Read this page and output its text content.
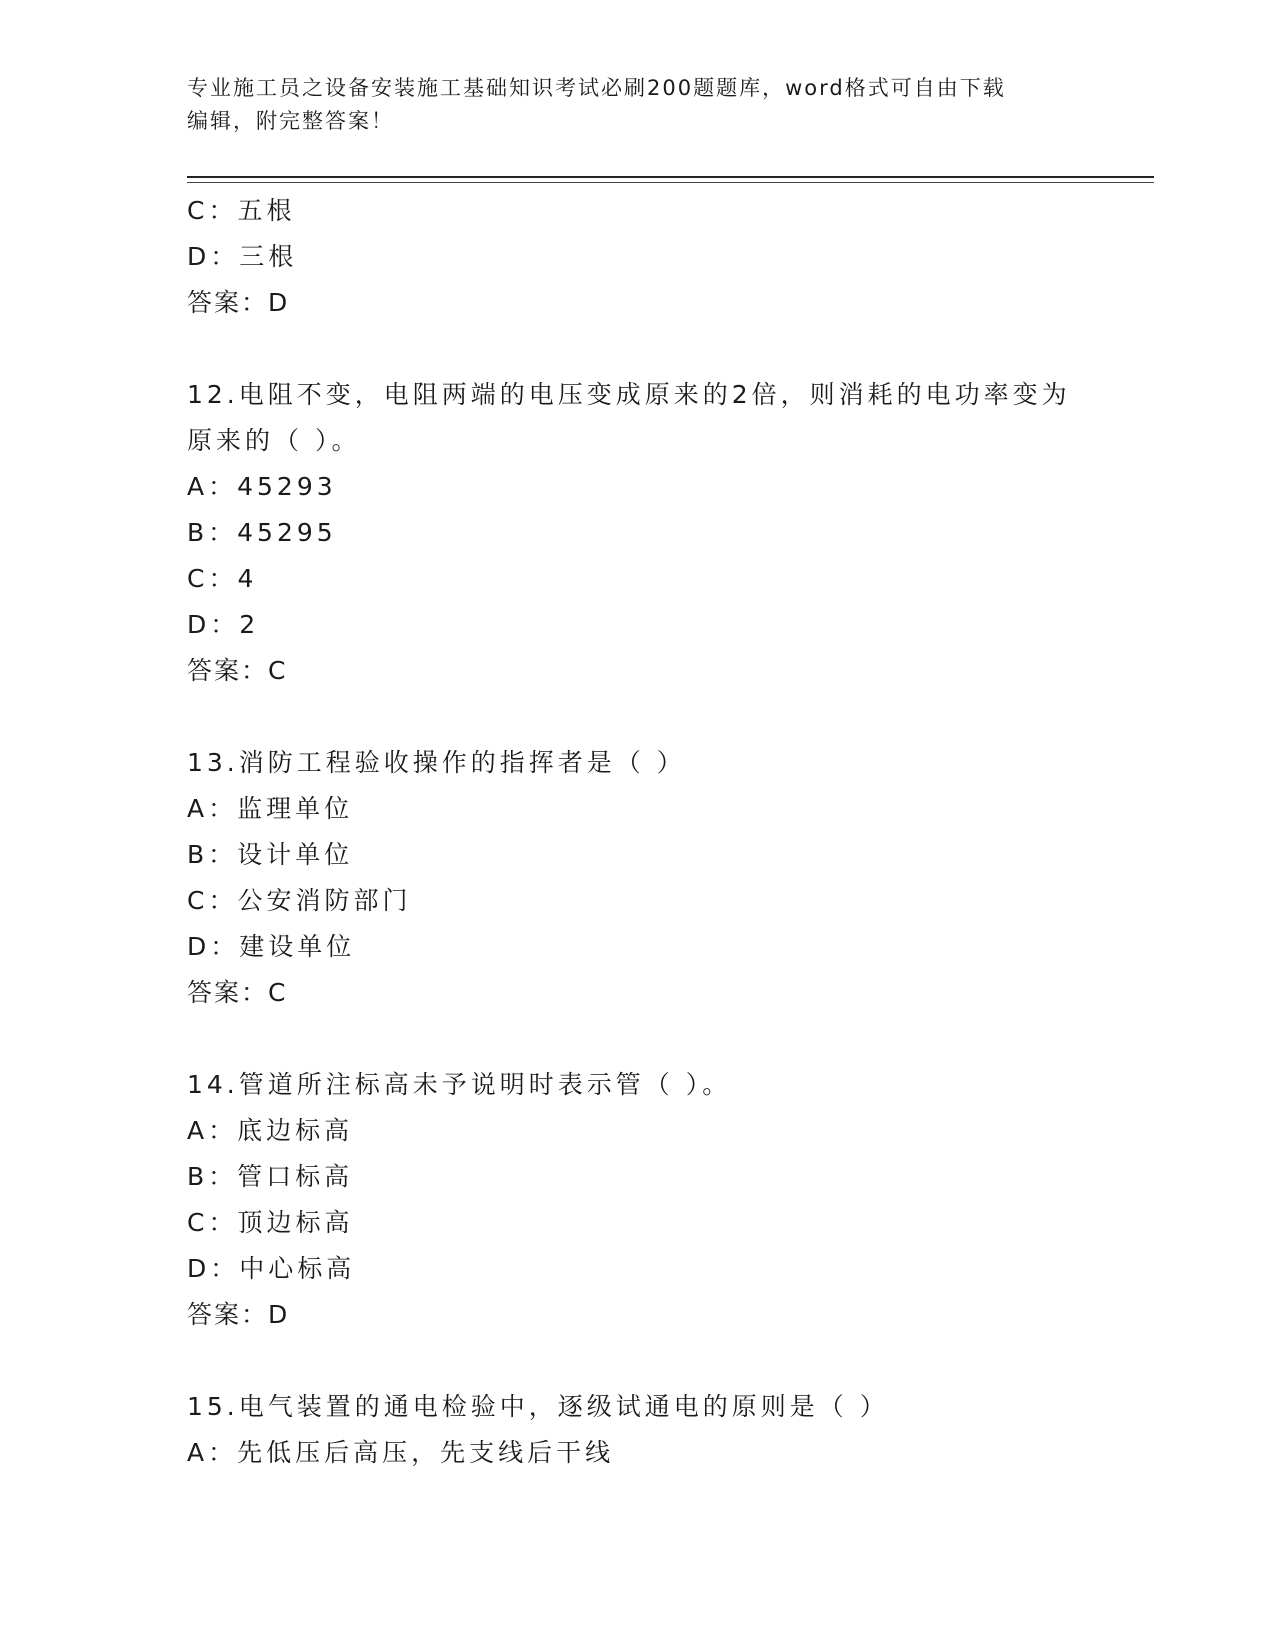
专业施工员之设备安装施工基础知识考试必刷200题题库，word格式可自由下载
编辑，附完整答案！
C：五根
D：三根
答案：D
12.电阻不变，电阻两端的电压变成原来的2倍，则消耗的电功率变为
原来的（ ）。
A：45293
B：45295
C：4
D：2
答案：C
13.消防工程验收操作的指挥者是（ ）
A：监理单位
B：设计单位
C：公安消防部门
D：建设单位
答案：C
14.管道所注标高未予说明时表示管（ ）。
A：底边标高
B：管口标高
C：顶边标高
D：中心标高
答案：D
15.电气装置的通电检验中，逐级试通电的原则是（ ）
A：先低压后高压，先支线后干线
